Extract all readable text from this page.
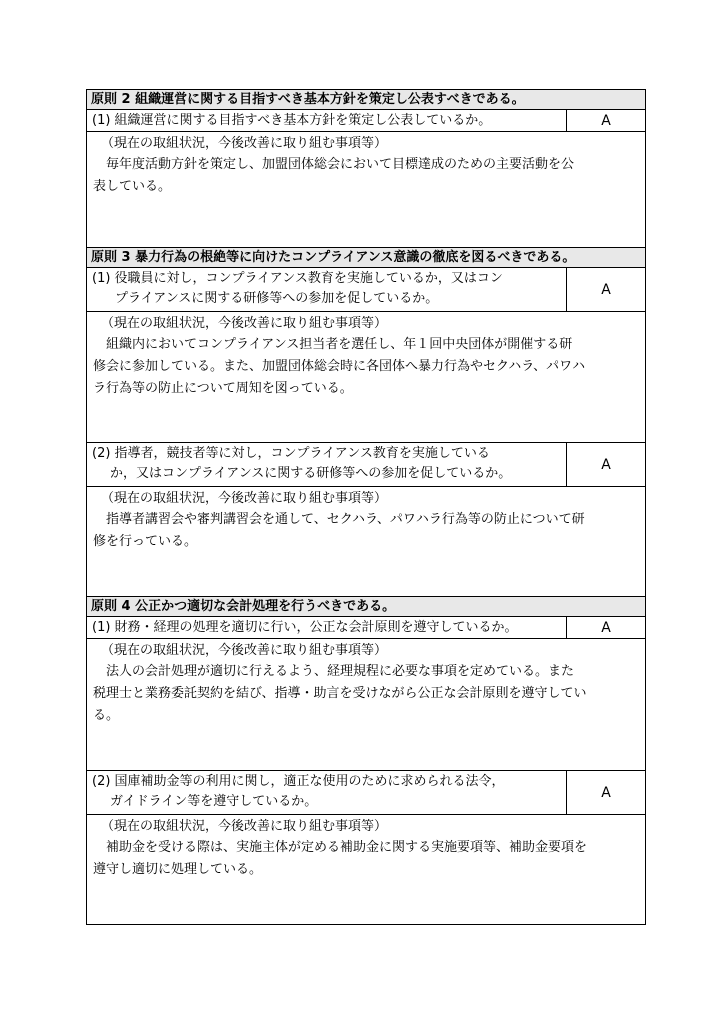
原則 2 組織運営に関する目指すべき基本方針を策定し公表すべきである。
(1) 組織運営に関する目指すべき基本方針を策定し公表しているか。	A
（現在の取組状況，今後改善に取り組む事項等）
毎年度活動方針を策定し、加盟団体総会において目標達成のための主要活動を公
表している。
原則 3 暴力行為の根絶等に向けたコンプライアンス意識の徹底を図るべきである。
(1) 役職員に対し，コンプライアンス教育を実施しているか，又はコン
プライアンスに関する研修等への参加を促しているか。
A
（現在の取組状況，今後改善に取り組む事項等）
組織内においてコンプライアンス担当者を選任し、年１回中央団体が開催する研
修会に参加している。また、加盟団体総会時に各団体へ暴力行為やセクハラ、パワハ
ラ行為等の防止について周知を図っている。
(2) 指導者，競技者等に対し，コンプライアンス教育を実施している
か，又はコンプライアンスに関する研修等への参加を促しているか。
A
（現在の取組状況，今後改善に取り組む事項等）
指導者講習会や審判講習会を通して、セクハラ、パワハラ行為等の防止について研
修を行っている。
原則 4 公正かつ適切な会計処理を行うべきである。
(1) 財務・経理の処理を適切に行い，公正な会計原則を遵守しているか。	A
（現在の取組状況，今後改善に取り組む事項等）
法人の会計処理が適切に行えるよう、経理規程に必要な事項を定めている。また
税理士と業務委託契約を結び、指導・助言を受けながら公正な会計原則を遵守してい
る。
(2) 国庫補助金等の利用に関し，適正な使用のために求められる法令，
ガイドライン等を遵守しているか。
A
（現在の取組状況，今後改善に取り組む事項等）
補助金を受ける際は、実施主体が定める補助金に関する実施要項等、補助金要項を
遵守し適切に処理している。
